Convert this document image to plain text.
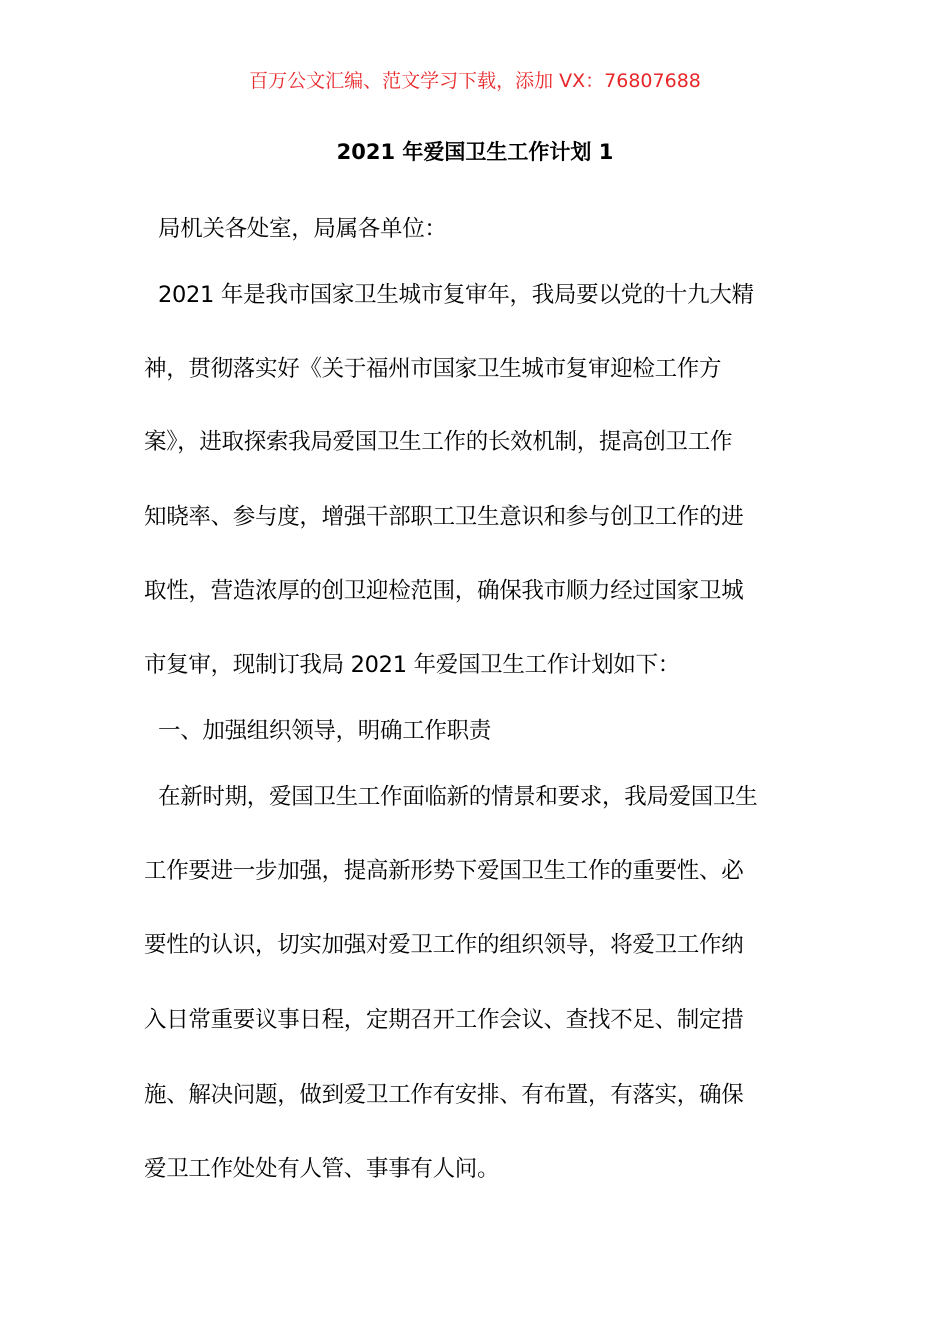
百万公文汇编、范文学习下载，添加 VX：76807688
2021 年爱国卫生工作计划 1
局机关各处室，局属各单位：
2021 年是我市国家卫生城市复审年，我局要以党的十九大精
神，贯彻落实好《关于福州市国家卫生城市复审迎检工作方
案》，进取探索我局爱国卫生工作的长效机制，提高创卫工作
知晓率、参与度，增强干部职工卫生意识和参与创卫工作的进
取性，营造浓厚的创卫迎检范围，确保我市顺力经过国家卫城
市复审，现制订我局 2021 年爱国卫生工作计划如下：
一、加强组织领导，明确工作职责
在新时期，爱国卫生工作面临新的情景和要求，我局爱国卫生
工作要进一步加强，提高新形势下爱国卫生工作的重要性、必
要性的认识，切实加强对爱卫工作的组织领导，将爱卫工作纳
入日常重要议事日程，定期召开工作会议、查找不足、制定措
施、解决问题，做到爱卫工作有安排、有布置，有落实，确保
爱卫工作处处有人管、事事有人问。
